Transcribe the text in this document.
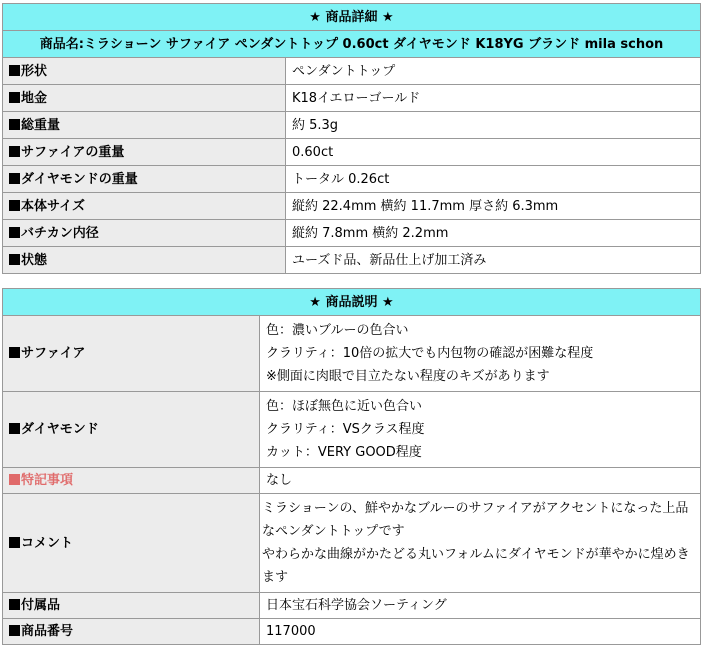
★ 商品詳細 ★	
商品名:ミラショーン サファイア ペンダントトップ 0.60ct ダイヤモンド K18YG ブランド mila schon	
形状	ペンダントトップ
地金	K18イエローゴールド
総重量	約 5.3g
サファイアの重量	0.60ct
ダイヤモンドの重量	トータル 0.26ct
本体サイズ	縦約 22.4mm 横約 11.7mm 厚さ約 6.3mm
バチカン内径	縦約 7.8mm 横約 2.2mm
状態	ユーズド品、新品仕上げ加工済み
★ 商品説明 ★	
サファイア	色：濃いブルーの色合い
クラリティ：10倍の拡大でも内包物の確認が困難な程度
※側面に肉眼で目立たない程度のキズがあります

ダイヤモンド	色：ほぼ無色に近い色合い
クラリティ：VSクラス程度
カット：VERY GOOD程度

特記事項	なし

コメント	ミラショーンの、鮮やかなブルーのサファイアがアクセントになった上品なペンダントトップです
やわらかな曲線がかたどる丸いフォルムにダイヤモンドが華やかに煌めきます

付属品	日本宝石科学協会ソーティング

商品番号	117000
